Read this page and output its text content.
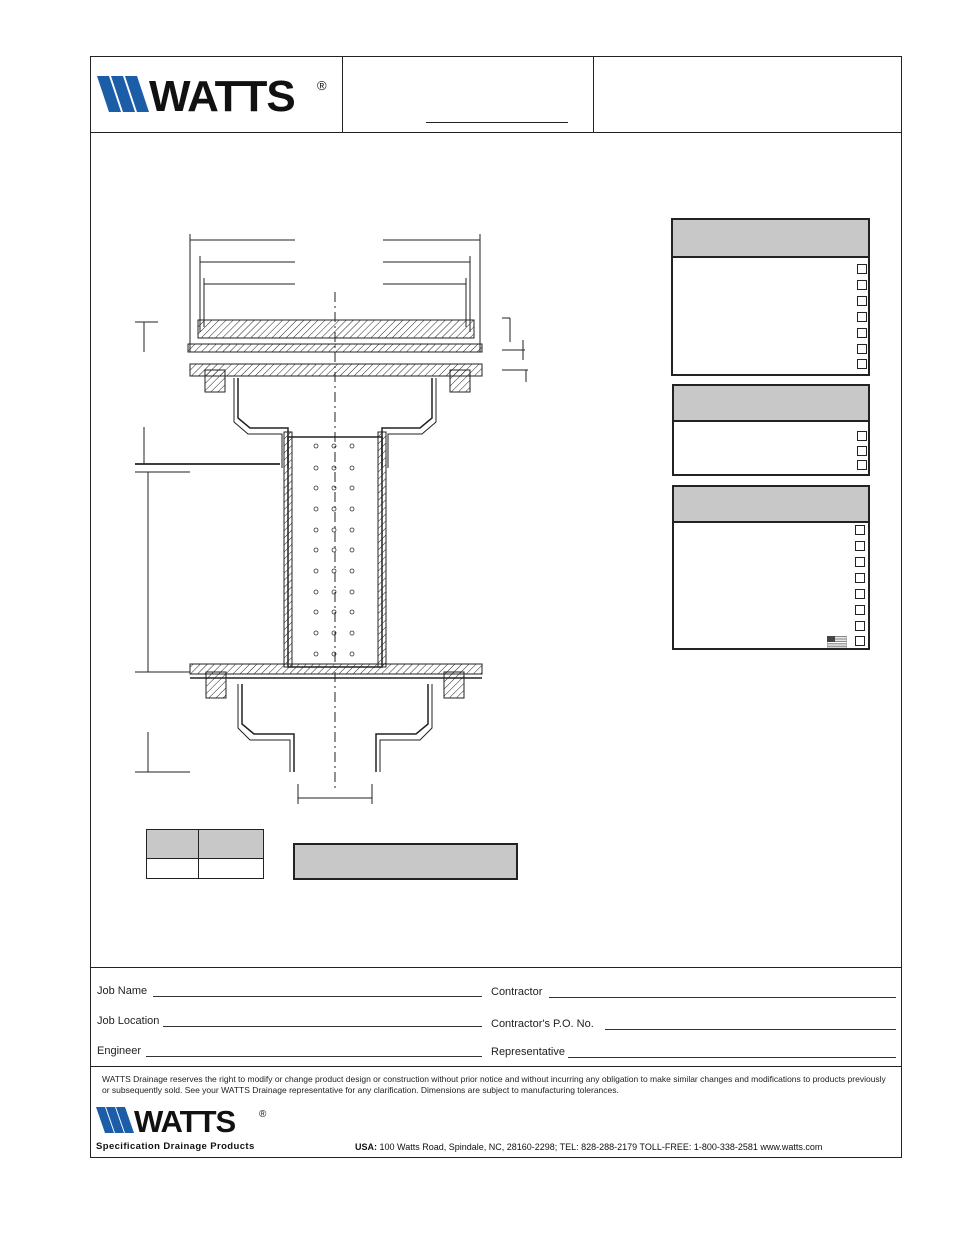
WATTS ®

Job Name
Job Location
Engineer
Contractor
Contractor's P.O. No.
Representative
WATTS Drainage reserves the right to modify or change product design or construction without prior notice and without incurring any obligation to make similar changes and modifications to products previously or subsequently sold. See your WATTS Drainage representative for any clarification. Dimensions are subject to manufacturing tolerances.
WATTS ®
Specification Drainage Products	USA: 100 Watts Road, Spindale, NC, 28160-2298; TEL: 828-288-2179 TOLL-FREE: 1-800-338-2581 www.watts.com
